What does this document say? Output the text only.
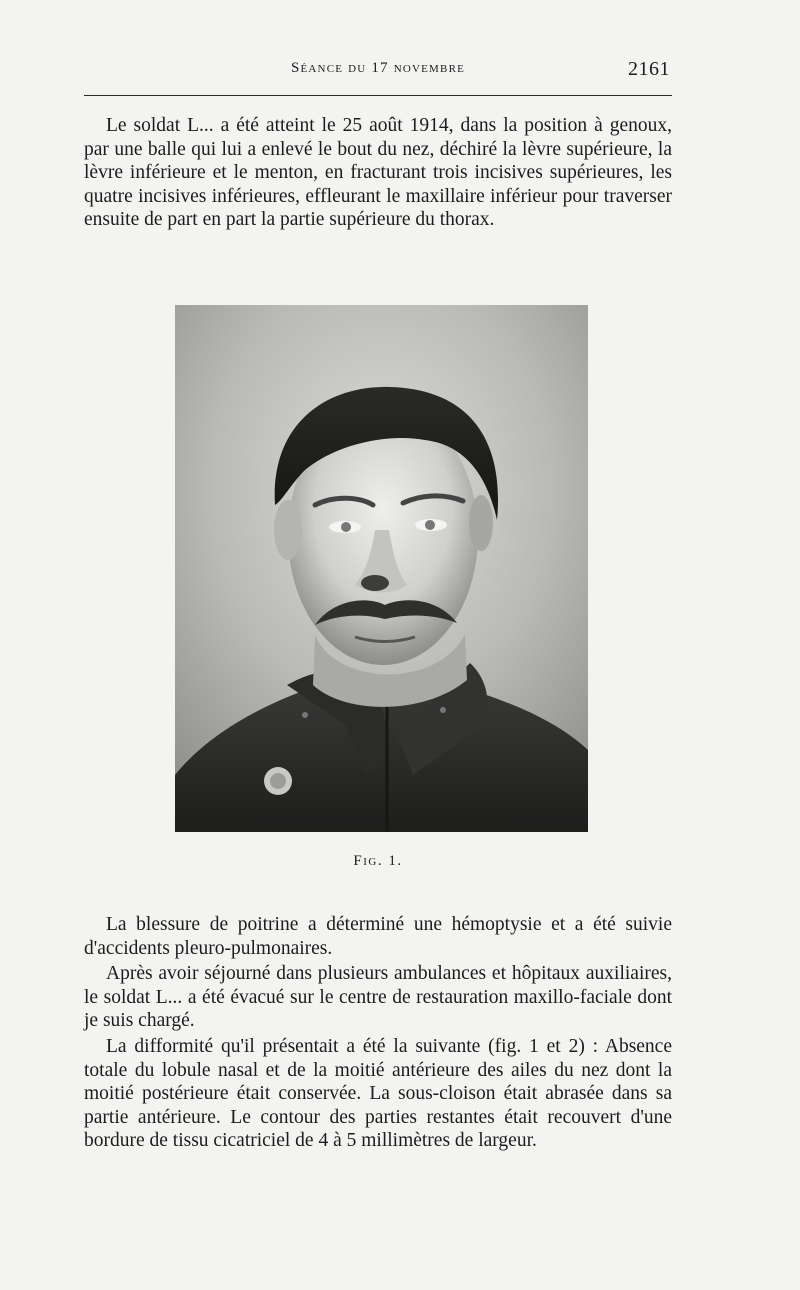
Séance du 17 novembre	2161

Le soldat L... a été atteint le 25 août 1914, dans la position à genoux, par une balle qui lui a enlevé le bout du nez, déchiré la lèvre supérieure, la lèvre inférieure et le menton, en fracturant trois incisives supérieures, les quatre incisives inférieures, effleurant le maxillaire inférieur pour traverser ensuite de part en part la partie supérieure du thorax.

Fig. 1.

La blessure de poitrine a déterminé une hémoptysie et a été suivie d'accidents pleuro-pulmonaires.

Après avoir séjourné dans plusieurs ambulances et hôpitaux auxiliaires, le soldat L... a été évacué sur le centre de restauration maxillo-faciale dont je suis chargé.

La difformité qu'il présentait a été la suivante (fig. 1 et 2) : Absence totale du lobule nasal et de la moitié antérieure des ailes du nez dont la moitié postérieure était conservée. La sous-cloison était abrasée dans sa partie antérieure. Le contour des parties restantes était recouvert d'une bordure de tissu cicatriciel de 4 à 5 millimètres de largeur.
